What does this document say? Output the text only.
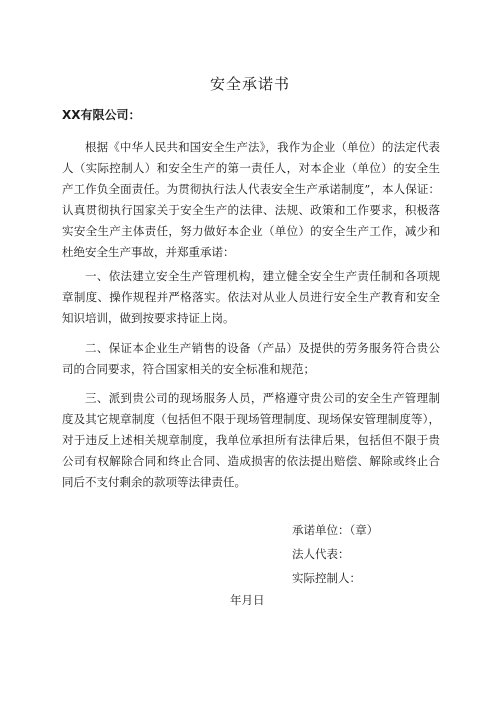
安全承诺书
XX有限公司：

根据《中华人民共和国安全生产法》，我作为企业（单位）的法定代表人（实际控制人）和安全生产的第一责任人，对本企业（单位）的安全生产工作负全面责任。为贯彻执行法人代表安全生产承诺制度”，本人保证：认真贯彻执行国家关于安全生产的法律、法规、政策和工作要求，积极落实安全生产主体责任，努力做好本企业（单位）的安全生产工作，减少和杜绝安全生产事故，并郑重承诺：

一、依法建立安全生产管理机构，建立健全安全生产责任制和各项规章制度、操作规程并严格落实。依法对从业人员进行安全生产教育和安全知识培训，做到按要求持证上岗。

二、保证本企业生产销售的设备（产品）及提供的劳务服务符合贵公司的合同要求，符合国家相关的安全标准和规范；

三、派到贵公司的现场服务人员，严格遵守贵公司的安全生产管理制度及其它规章制度（包括但不限于现场管理制度、现场保安管理制度等），对于违反上述相关规章制度，我单位承担所有法律后果，包括但不限于贵公司有权解除合同和终止合同、造成损害的依法提出赔偿、解除或终止合同后不支付剩余的款项等法律责任。

承诺单位：（章）
法人代表：
实际控制人：
年月日
